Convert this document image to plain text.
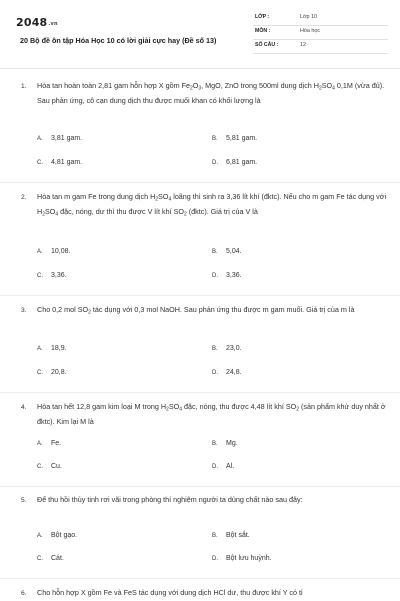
2048.vn
20 Bộ đề ôn tập Hóa Học 10 có lời giải cực hay (Đề số 13)
LỚP :	Lớp 10
MÔN :	Hóa học
SỐ CÂU :	12
1. Hòa tan hoàn toàn 2,81 gam hỗn hợp X gồm $Fe_2O_3$, MgO, ZnO trong 500ml dung dịch $H_2SO_4$ 0,1M (vừa đủ). Sau phản ứng, cô cạn dung dịch thu được muối khan có khối lượng là
A. 3,81 gam.	B. 5,81 gam.
C. 4,81 gam.	D. 6,81 gam.
2. Hòa tan m gam Fe trong dung dịch $H_2SO_4$ loãng thì sinh ra 3,36 lít khí (đktc). Nếu cho m gam Fe tác dụng với $H_2SO_4$ đặc, nóng, dư thì thu được V lít khí $SO_2$ (đktc). Giá trị của V là
A. 10,08.	B. 5,04.
C. 3,36.	D. 3,36.
3. Cho 0,2 mol $SO_2$ tác dụng với 0,3 mol NaOH. Sau phản ứng thu được m gam muối. Giá trị của m là
A. 18,9.	B. 23,0.
C. 20,8.	D. 24,8.
4. Hòa tan hết 12,8 gam kim loại M trong $H_2SO_4$ đặc, nóng, thu được 4,48 lít khí $SO_2$ (sản phẩm khử duy nhất ở đktc). Kim lại M là
A. Fe.	B. Mg.
C. Cu.	D. Al.
5. Để thu hồi thủy tinh rơi vãi trong phòng thí nghiệm người ta dùng chất nào sau đây:
A. Bột gạo.	B. Bột sắt.
C. Cát.	D. Bột lưu huỳnh.
6. Cho hỗn hợp X gồm Fe và FeS tác dụng với dung dịch HCl dư, thu được khí Y có tỉ
